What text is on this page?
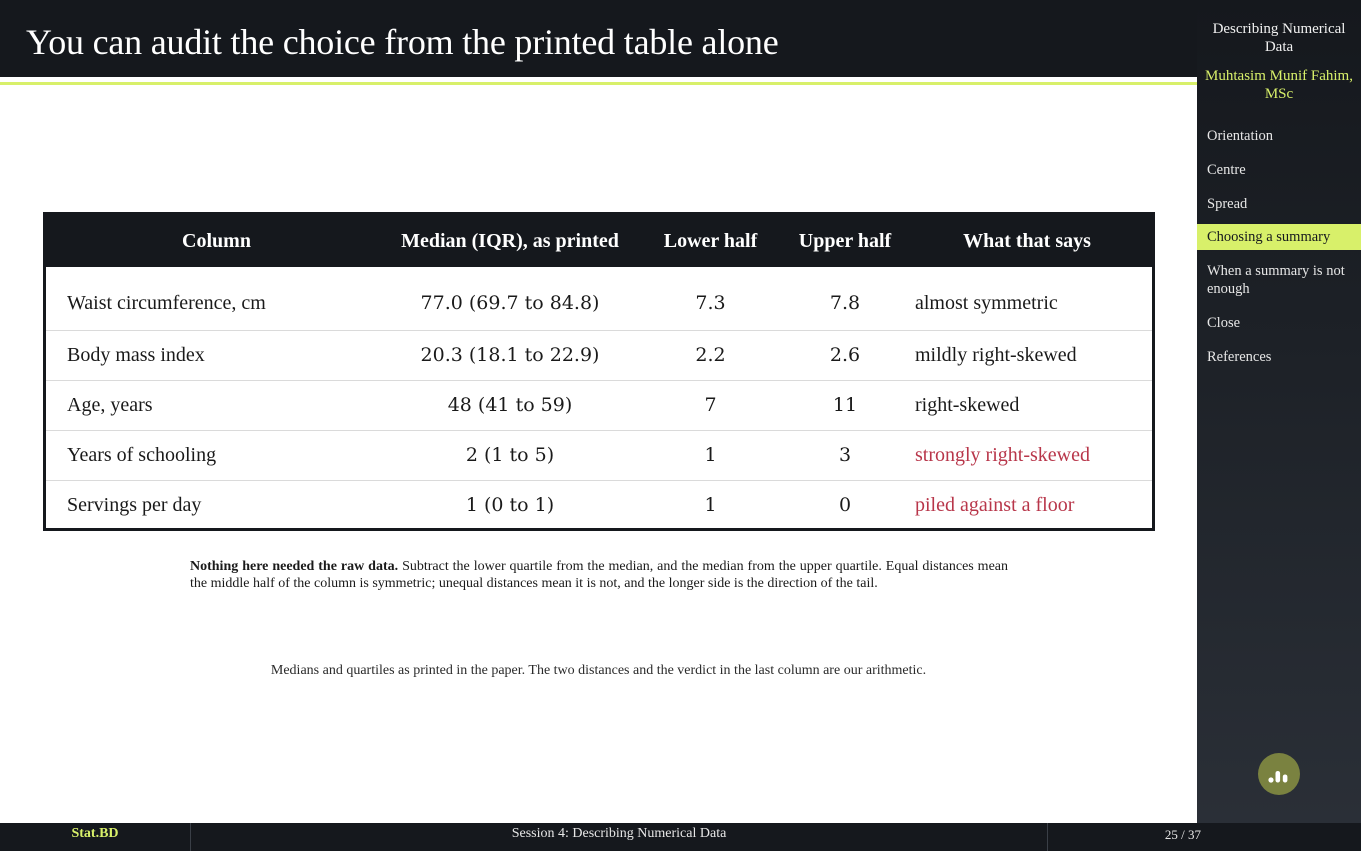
You can audit the choice from the printed table alone	Describing Numerical Data
Muhtasim Munif Fahim, MSc
Orientation
Centre
Spread
Choosing a summary
When a summary is not enough
Close
References
Column	Median (IQR), as printed	Lower half	Upper half	What that says
Waist circumference, cm	77.0 (69.7 to 84.8)	7.3	7.8	almost symmetric
Body mass index	20.3 (18.1 to 22.9)	2.2	2.6	mildly right-skewed
Age, years	48 (41 to 59)	7	11	right-skewed
Years of schooling	2 (1 to 5)	1	3	strongly right-skewed
Servings per day	1 (0 to 1)	1	0	piled against a floor
Nothing here needed the raw data. Subtract the lower quartile from the median, and the median from the upper quartile. Equal distances mean the middle half of the column is symmetric; unequal distances mean it is not, and the longer side is the direction of the tail.
Medians and quartiles as printed in the paper. The two distances and the verdict in the last column are our arithmetic.
Stat.BD	Session 4: Describing Numerical Data	25 / 37
